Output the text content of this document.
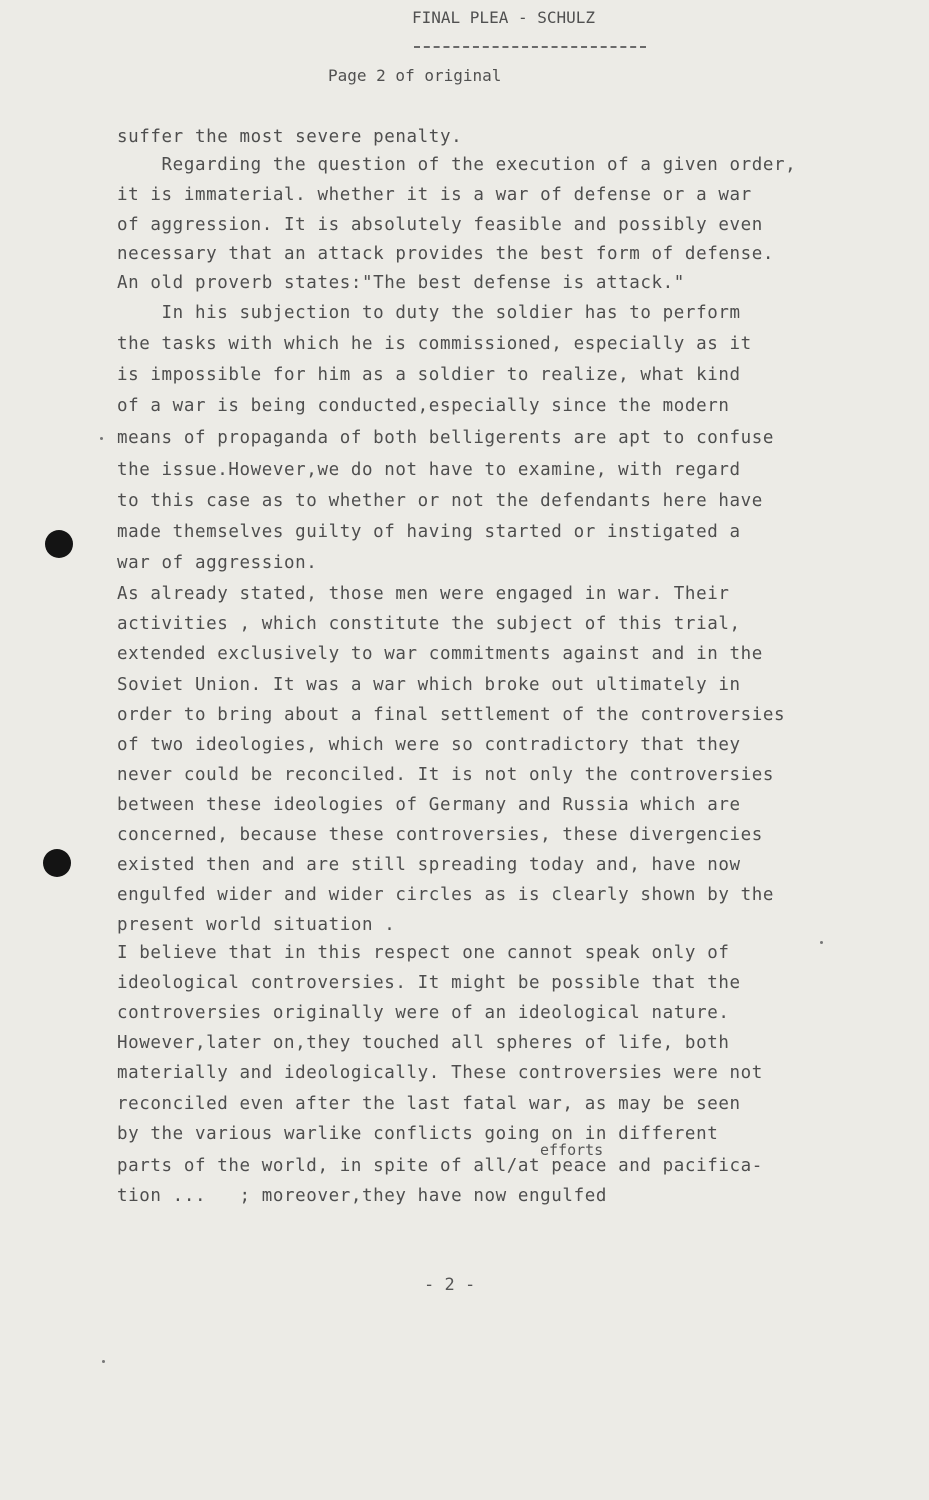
FINAL PLEA - SCHULZ
Page 2 of original
suffer the most severe penalty.
Regarding the question of the execution of a given order,
it is immaterial. whether it is a war of defense or a war
of aggression. It is absolutely feasible and possibly even
necessary that an attack provides the best form of defense.
An old proverb states:"The best defense is attack."
In his subjection to duty the soldier has to perform
the tasks with which he is commissioned, especially as it
is impossible for him as a soldier to realize, what kind
of a war is being conducted,especially since the modern
means of propaganda of both belligerents are apt to confuse
the issue.However,we do not have to examine, with regard
to this case as to whether or not the defendants here have
made themselves guilty of having started or instigated a
war of aggression.
As already stated, those men were engaged in war. Their
activities , which constitute the subject of this trial,
extended exclusively to war commitments against and in the
Soviet Union. It was a war which broke out ultimately in
order to bring about a final settlement of the controversies
of two ideologies, which were so contradictory that they
never could be reconciled. It is not only the controversies
between these ideologies of Germany and Russia which are
concerned, because these controversies, these divergencies
existed then and are still spreading today and, have now
engulfed wider and wider circles as is clearly shown by the
present world situation .
I believe that in this respect one cannot speak only of
ideological controversies. It might be possible that the
controversies originally were of an ideological nature.
However,later on,they touched all spheres of life, both
materially and ideologically. These controversies were not
reconciled even after the last fatal war, as may be seen
by the various warlike conflicts going on in different
parts of the world, in spite of all/at peace and pacifica-
tion ...   ; moreover,they have now engulfed
efforts
- 2 -
